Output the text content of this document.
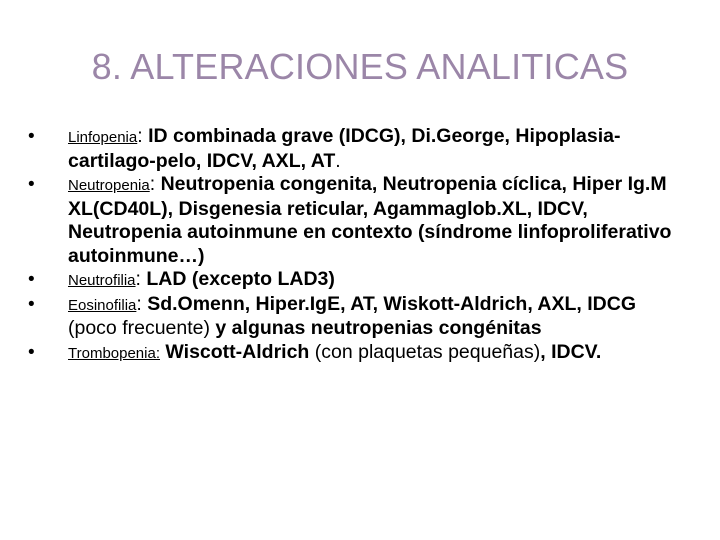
8. ALTERACIONES ANALITICAS
• Linfopenia: ID combinada grave (IDCG), Di.George, Hipoplasia-cartilago-pelo, IDCV, AXL, AT.
• Neutropenia: Neutropenia congenita, Neutropenia cíclica, Hiper Ig.M XL(CD40L), Disgenesia reticular, Agammaglob.XL, IDCV, Neutropenia autoinmune en contexto (síndrome linfoproliferativo autoinmune…)
• Neutrofilia: LAD (excepto LAD3)
• Eosinofilia: Sd.Omenn, Hiper.IgE, AT, Wiskott-Aldrich, AXL, IDCG (poco frecuente) y algunas neutropenias congénitas
• Trombopenia: Wiscott-Aldrich (con plaquetas pequeñas), IDCV.
